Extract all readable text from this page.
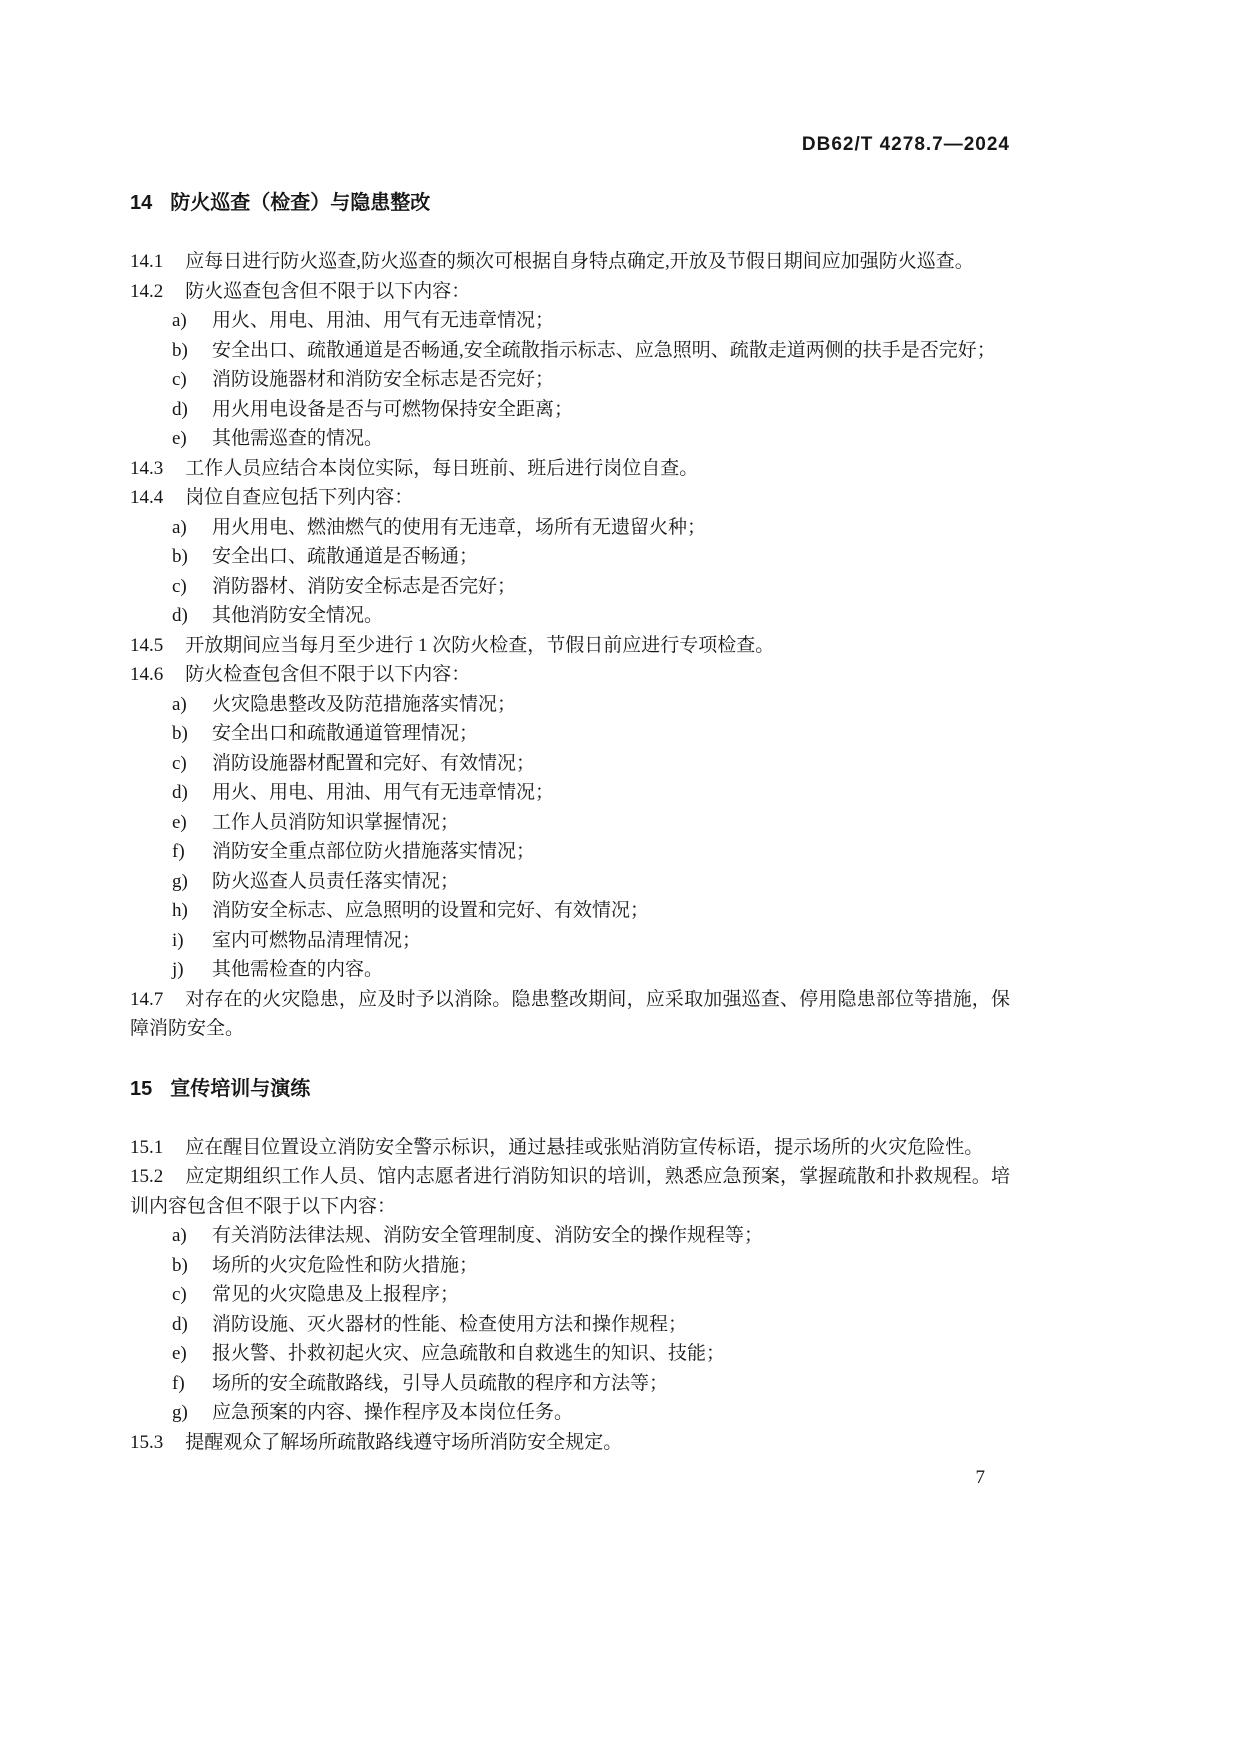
DB62/T 4278.7—2024

14 防火巡查（检查）与隐患整改

14.1 应每日进行防火巡查,防火巡查的频次可根据自身特点确定,开放及节假日期间应加强防火巡查。

14.2 防火巡查包含但不限于以下内容：

a) 用火、用电、用油、用气有无违章情况；

b) 安全出口、疏散通道是否畅通,安全疏散指示标志、应急照明、疏散走道两侧的扶手是否完好；

c) 消防设施器材和消防安全标志是否完好；

d) 用火用电设备是否与可燃物保持安全距离；

e) 其他需巡查的情况。

14.3 工作人员应结合本岗位实际，每日班前、班后进行岗位自查。

14.4 岗位自查应包括下列内容：

a) 用火用电、燃油燃气的使用有无违章，场所有无遗留火种；

b) 安全出口、疏散通道是否畅通；

c) 消防器材、消防安全标志是否完好；

d) 其他消防安全情况。

14.5 开放期间应当每月至少进行 1 次防火检查，节假日前应进行专项检查。

14.6 防火检查包含但不限于以下内容：

a) 火灾隐患整改及防范措施落实情况；

b) 安全出口和疏散通道管理情况；

c) 消防设施器材配置和完好、有效情况；

d) 用火、用电、用油、用气有无违章情况；

e) 工作人员消防知识掌握情况；

f) 消防安全重点部位防火措施落实情况；

g) 防火巡查人员责任落实情况；

h) 消防安全标志、应急照明的设置和完好、有效情况；

i) 室内可燃物品清理情况；

j) 其他需检查的内容。

14.7 对存在的火灾隐患，应及时予以消除。隐患整改期间，应采取加强巡查、停用隐患部位等措施，保障消防安全。

15 宣传培训与演练

15.1 应在醒目位置设立消防安全警示标识，通过悬挂或张贴消防宣传标语，提示场所的火灾危险性。

15.2 应定期组织工作人员、馆内志愿者进行消防知识的培训，熟悉应急预案，掌握疏散和扑救规程。培训内容包含但不限于以下内容：

a) 有关消防法律法规、消防安全管理制度、消防安全的操作规程等；

b) 场所的火灾危险性和防火措施；

c) 常见的火灾隐患及上报程序；

d) 消防设施、灭火器材的性能、检查使用方法和操作规程；

e) 报火警、扑救初起火灾、应急疏散和自救逃生的知识、技能；

f) 场所的安全疏散路线，引导人员疏散的程序和方法等；

g) 应急预案的内容、操作程序及本岗位任务。

15.3 提醒观众了解场所疏散路线遵守场所消防安全规定。

7
